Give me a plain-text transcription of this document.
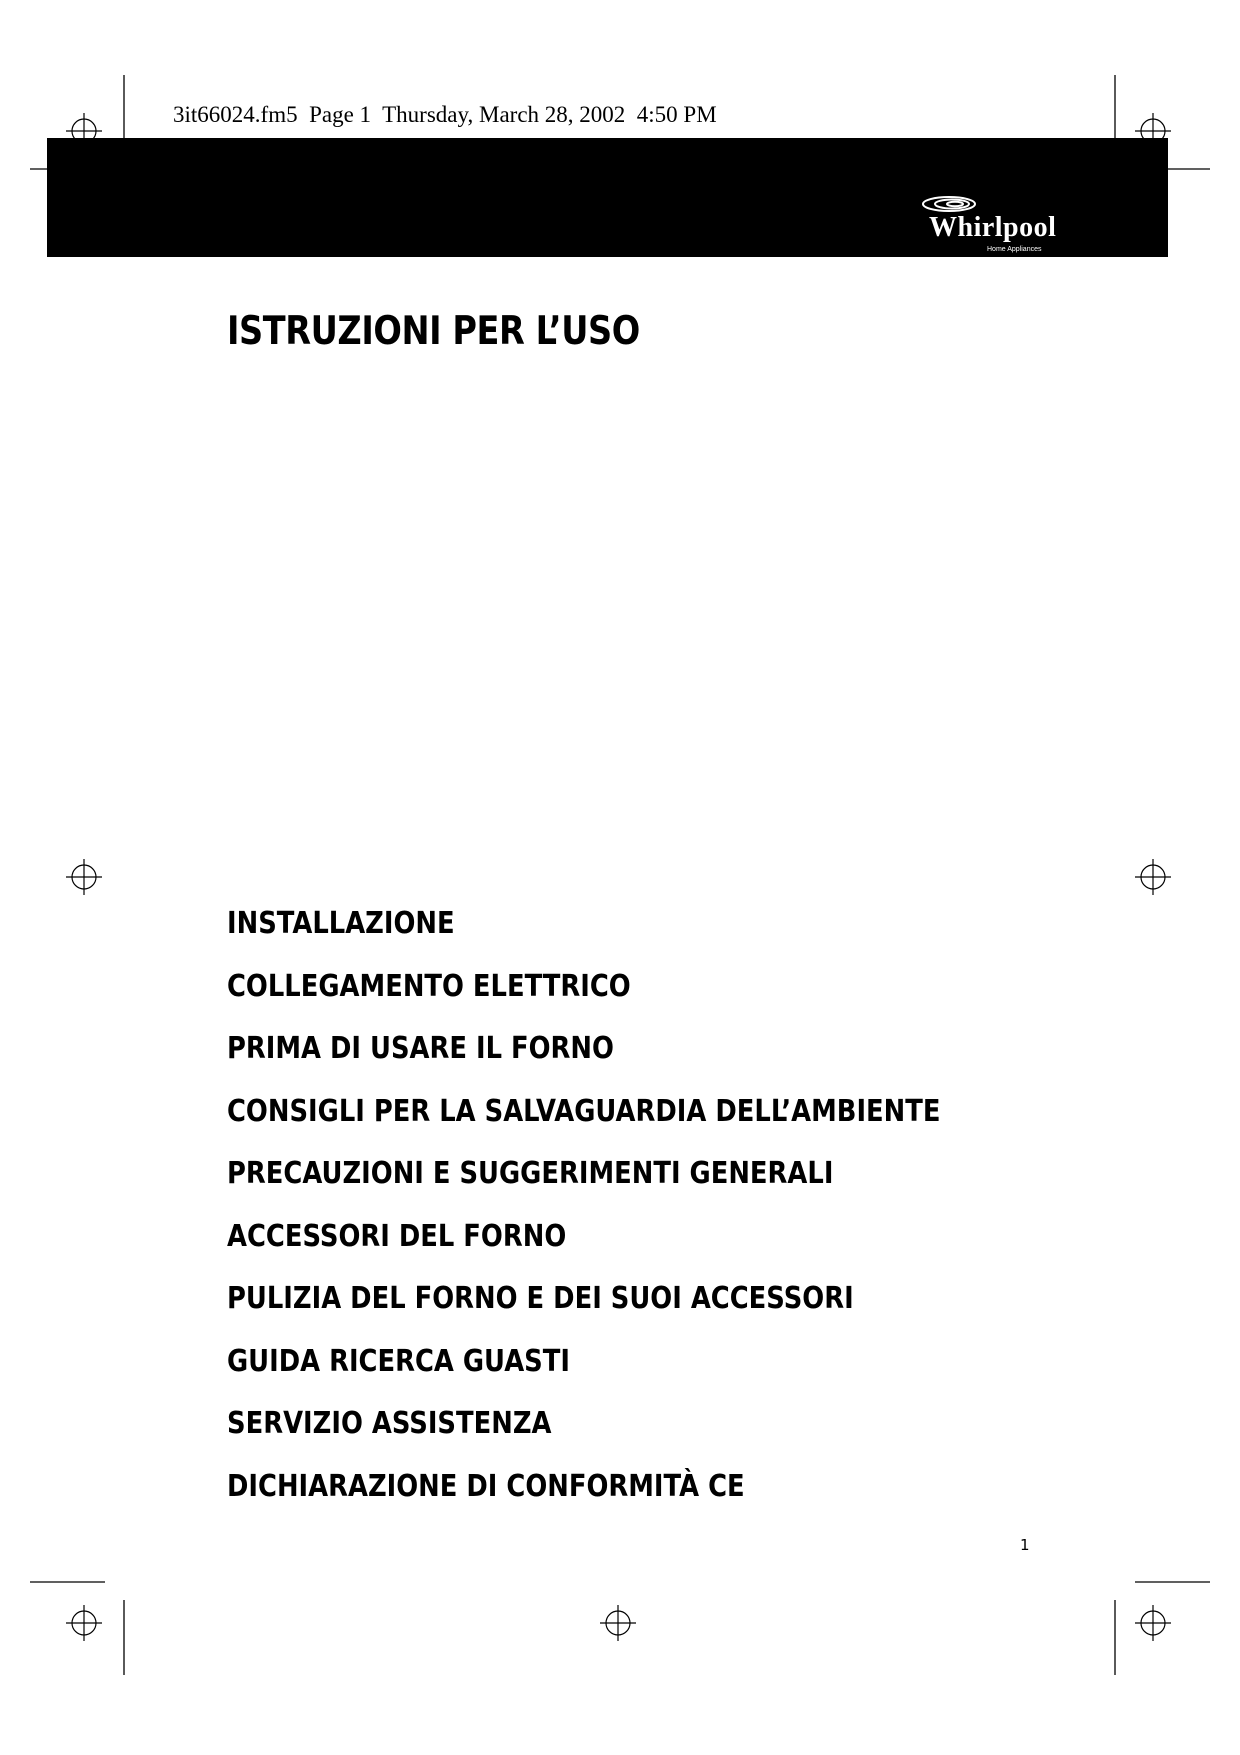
3it66024.fm5  Page 1  Thursday, March 28, 2002  4:50 PM
Whirlpool
Home Appliances
ISTRUZIONI PER L’USO
INSTALLAZIONE
COLLEGAMENTO ELETTRICO
PRIMA DI USARE IL FORNO
CONSIGLI PER LA SALVAGUARDIA DELL’AMBIENTE
PRECAUZIONI E SUGGERIMENTI GENERALI
ACCESSORI DEL FORNO
PULIZIA DEL FORNO E DEI SUOI ACCESSORI
GUIDA RICERCA GUASTI
SERVIZIO ASSISTENZA
DICHIARAZIONE DI CONFORMITÀ CE
1
